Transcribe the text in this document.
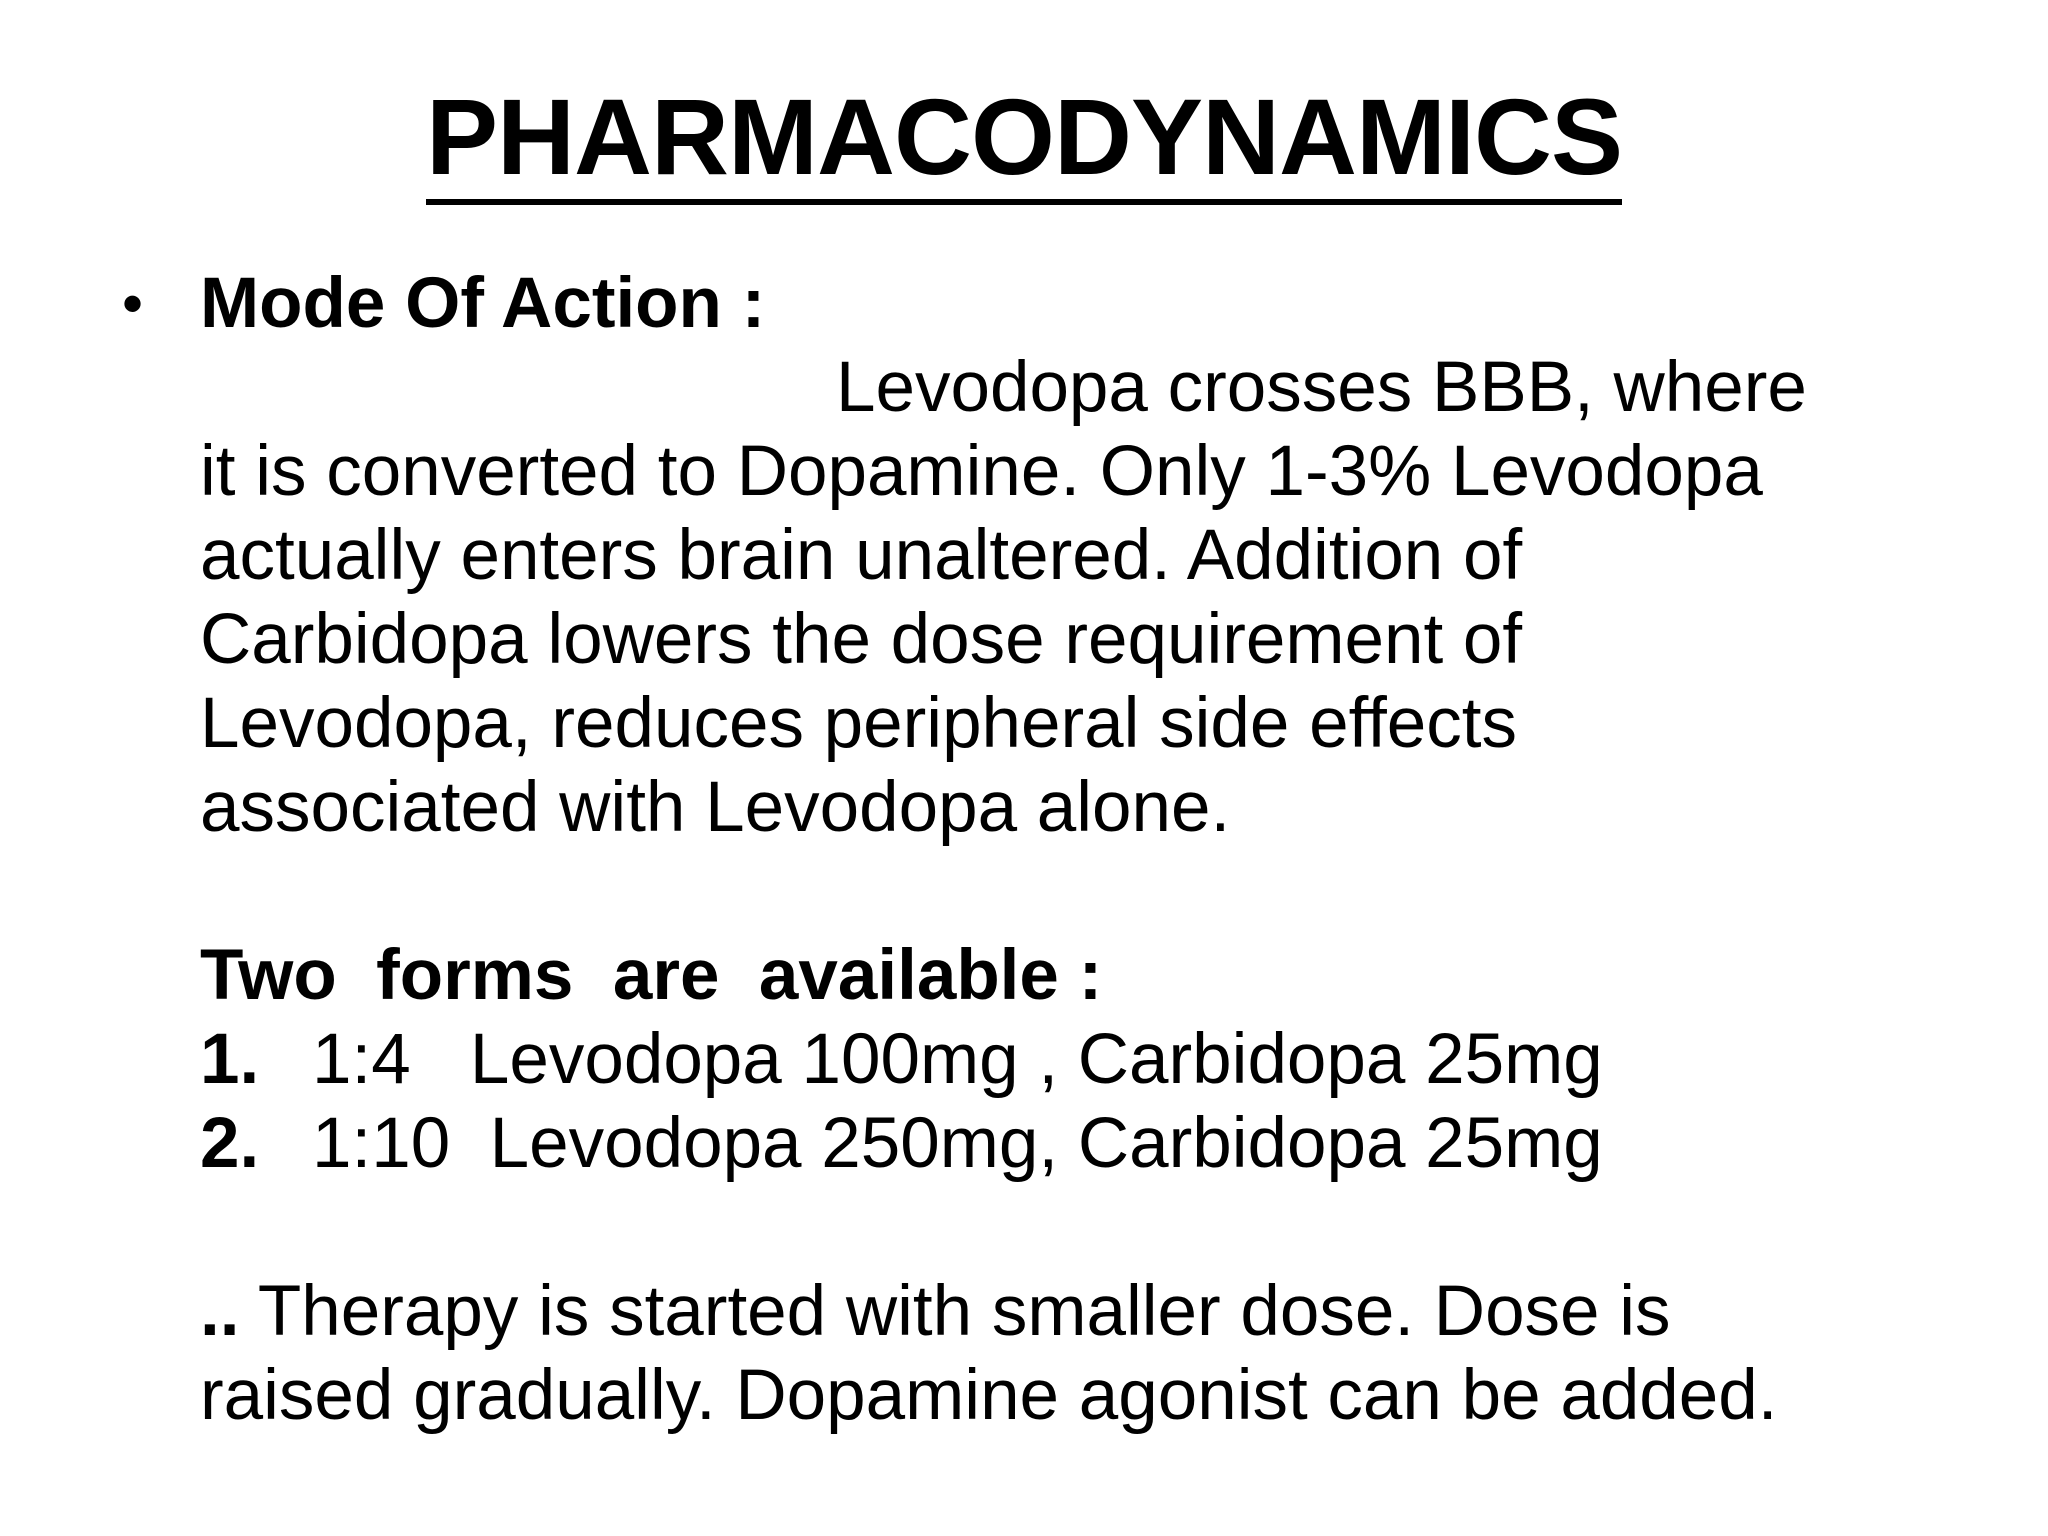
PHARMACODYNAMICS
• Mode Of Action :
Levodopa crosses BBB, where
it is converted to Dopamine. Only 1-3% Levodopa
actually enters brain unaltered. Addition of
Carbidopa lowers the dose requirement of
Levodopa, reduces peripheral side effects
associated with Levodopa alone.
Two  forms  are  available :
1. 1:4   Levodopa 100mg , Carbidopa 25mg
2. 1:10  Levodopa 250mg, Carbidopa 25mg
.. Therapy is started with smaller dose. Dose is
raised gradually. Dopamine agonist can be added.
